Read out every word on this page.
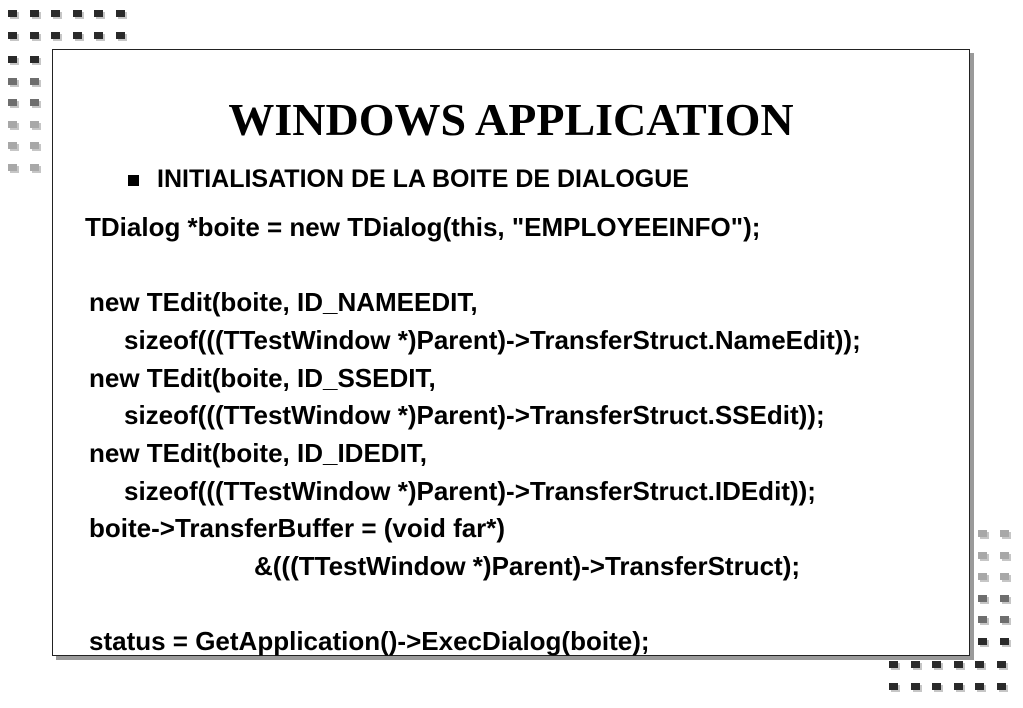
WINDOWS APPLICATION
INITIALISATION DE LA BOITE DE DIALOGUE
TDialog *boite = new TDialog(this, "EMPLOYEEINFO");
new TEdit(boite, ID_NAMEEDIT,
sizeof(((TTestWindow *)Parent)->TransferStruct.NameEdit));
new TEdit(boite, ID_SSEDIT,
sizeof(((TTestWindow *)Parent)->TransferStruct.SSEdit));
new TEdit(boite, ID_IDEDIT,
sizeof(((TTestWindow *)Parent)->TransferStruct.IDEdit));
boite->TransferBuffer = (void far*)
&(((TTestWindow *)Parent)->TransferStruct);
status = GetApplication()->ExecDialog(boite);
